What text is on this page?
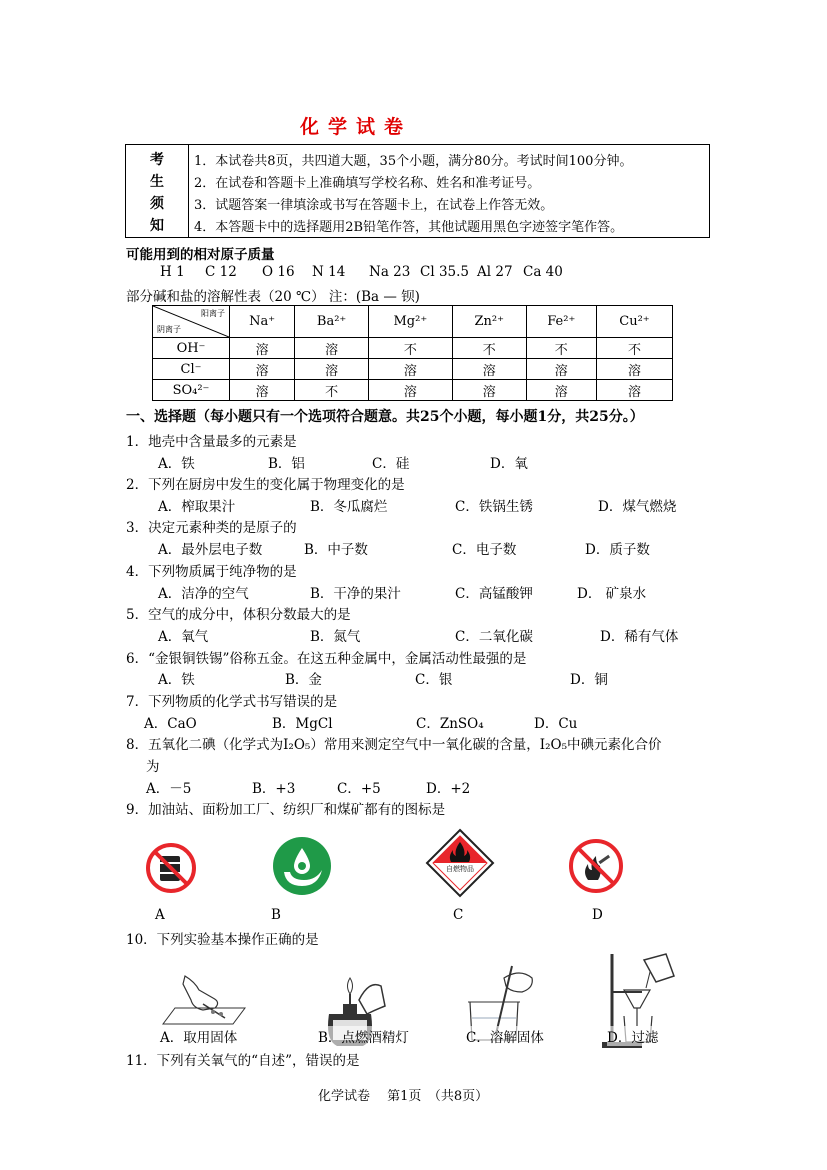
化学试卷
考
生
须
知
1．本试卷共8页，共四道大题，35个小题，满分80分。考试时间100分钟。
2．在试卷和答题卡上准确填写学校名称、姓名和准考证号。
3．试题答案一律填涂或书写在答题卡上，在试卷上作答无效。
4．本答题卡中的选择题用2B铅笔作答，其他试题用黑色字迹签字笔作答。
可能用到的相对原子质量
H 1 C 12 O 16 N 14 Na 23 Cl 35.5 Al 27 Ca 40
部分碱和盐的溶解性表（20 ℃） 注：(Ba — 钡)
阳离子
阴离子	Na⁺	Ba²⁺	Mg²⁺	Zn²⁺	Fe²⁺	Cu²⁺
OH⁻	溶	溶	不	不	不	不
Cl⁻	溶	溶	溶	溶	溶	溶
SO₄²⁻	溶	不	溶	溶	溶	溶
一、选择题（每小题只有一个选项符合题意。共25个小题，每小题1分，共25分。）
1．地壳中含量最多的元素是
A．铁	B．铝	C．硅	D．氧
2．下列在厨房中发生的变化属于物理变化的是
A．榨取果汁	B．冬瓜腐烂	C．铁锅生锈	D．煤气燃烧
3．决定元素种类的是原子的
A．最外层电子数	B．中子数	C．电子数	D．质子数
4．下列物质属于纯净物的是
A．洁净的空气	B．干净的果汁	C．高锰酸钾	D． 矿泉水
5．空气的成分中，体积分数最大的是
A．氧气	B．氮气	C．二氧化碳	D．稀有气体
6．“金银铜铁锡”俗称五金。在这五种金属中，金属活动性最强的是
A．铁	B．金	C．银	D．铜
7．下列物质的化学式书写错误的是
A．CaO	B．MgCl	C．ZnSO₄	D．Cu
8．五氧化二碘（化学式为I₂O₅）常用来测定空气中一氧化碳的含量，I₂O₅中碘元素化合价
为
A．－5	B．+3	C．+5	D．+2
9．加油站、面粉加工厂、纺织厂和煤矿都有的图标是
自燃物品
A	B	C	D
10．下列实验基本操作正确的是
A．取用固体	B．点燃酒精灯	C．溶解固体	D．过滤
11．下列有关氧气的“自述”，错误的是
化学试卷　 第1页　（共8页）
